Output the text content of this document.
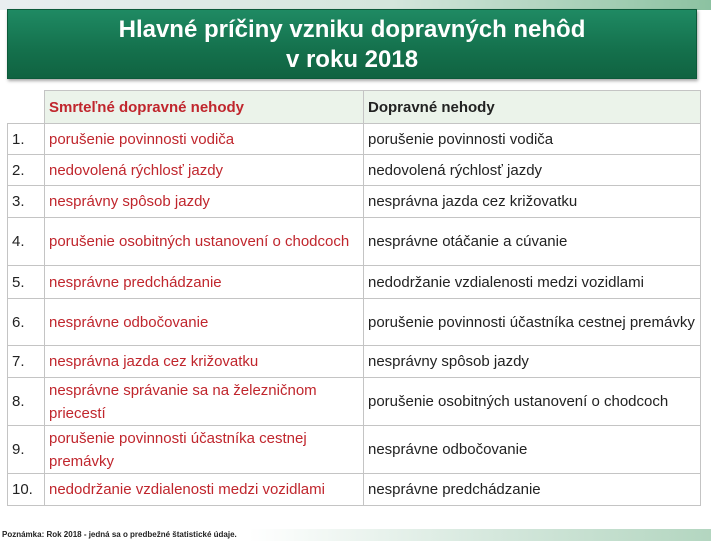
Hlavné príčiny vzniku dopravných nehôd
v roku 2018
	Smrteľné dopravné nehody	Dopravné nehody
1.	porušenie povinnosti vodiča	porušenie povinnosti vodiča
2.	nedovolená rýchlosť jazdy	nedovolená rýchlosť jazdy
3.	nesprávny spôsob jazdy	nesprávna jazda cez križovatku
4.	porušenie osobitných ustanovení o chodcoch	nesprávne otáčanie a cúvanie
5.	nesprávne predchádzanie	nedodržanie vzdialenosti medzi vozidlami
6.	nesprávne odbočovanie	porušenie povinnosti účastníka cestnej premávky
7.	nesprávna jazda cez križovatku	nesprávny spôsob jazdy
8.	nesprávne správanie sa na železničnom priecestí	porušenie osobitných ustanovení o chodcoch
9.	porušenie povinnosti účastníka cestnej premávky	nesprávne odbočovanie
10.	nedodržanie vzdialenosti medzi vozidlami	nesprávne predchádzanie
Poznámka: Rok 2018 - jedná sa o predbežné štatistické údaje.
